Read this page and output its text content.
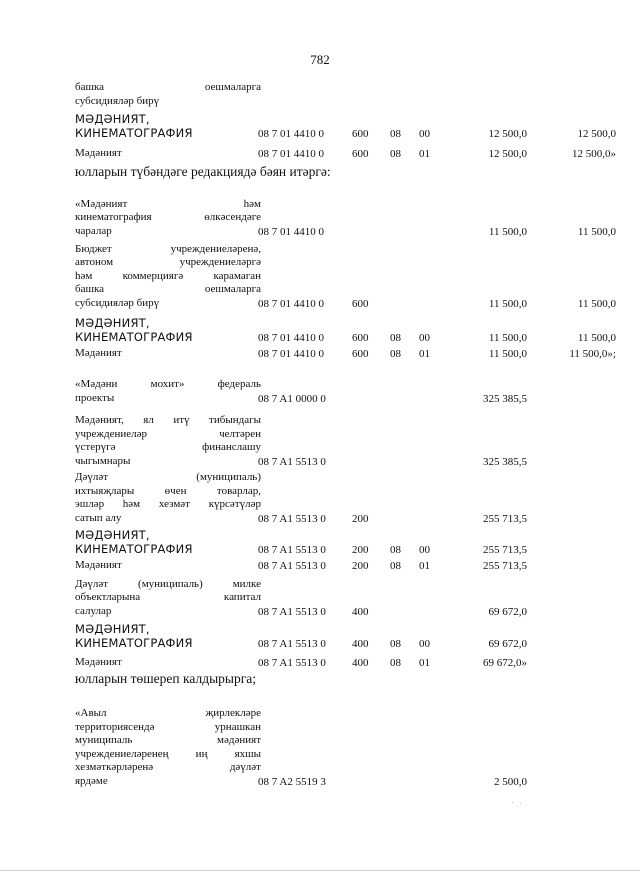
782
башка оешмаларга
субсидияләр бирү
МӘДӘНИЯТ,
КИНЕМАТОГРАФИЯ	08 7 01 4410 0	600 08 00	12 500,0	12 500,0
Мәдәният	08 7 01 4410 0	600 08 01	12 500,0	12 500,0»
«Мәдәният һәм
кинематография өлкәсендәге
чаралар	08 7 01 4410 0	11 500,0	11 500,0
Бюджет учреждениеләренә,
автоном учреждениеләргә
һәм коммерциягә карамаган
башка оешмаларга
субсидияләр бирү	08 7 01 4410 0	600	11 500,0	11 500,0
МӘДӘНИЯТ,
КИНЕМАТОГРАФИЯ	08 7 01 4410 0	600 08 00	11 500,0	11 500,0
Мәдәният	08 7 01 4410 0	600 08 01	11 500,0	11 500,0»;
«Мәдәни мохит» федераль
проекты	08 7 A1 0000 0	325 385,5
Мәдәният, ял итү тибындагы
учреждениеләр челтәрен
үстерүгә финанслашу
чыгымнары	08 7 A1 5513 0	325 385,5
Дәүләт (муниципаль)
ихтыяҗлары өчен товарлар,
эшләр һәм хезмәт күрсәтүләр
сатып алу	08 7 A1 5513 0 200	255 713,5
МӘДӘНИЯТ,
КИНЕМАТОГРАФИЯ	08 7 A1 5513 0 200 08 00	255 713,5
Мәдәният	08 7 A1 5513 0 200 08 01	255 713,5
Дәүләт (муниципаль) милке
объектларына капитал
салулар	08 7 A1 5513 0 400	69 672,0
МӘДӘНИЯТ,
КИНЕМАТОГРАФИЯ	08 7 A1 5513 0 400 08 00	69 672,0
Мәдәният	08 7 A1 5513 0 400 08 01	69 672,0»
«Авыл җирлекләре
территориясендә урнашкан
муниципаль мәдәният
учреждениеләренең иң яхшы
хезмәткәрләренә дәүләт
ярдәме	08 7 A2 5519 3	2 500,0
юлларын түбәндәге редакциядә бәян итәргә:
юлларын төшереп калдырырга;
